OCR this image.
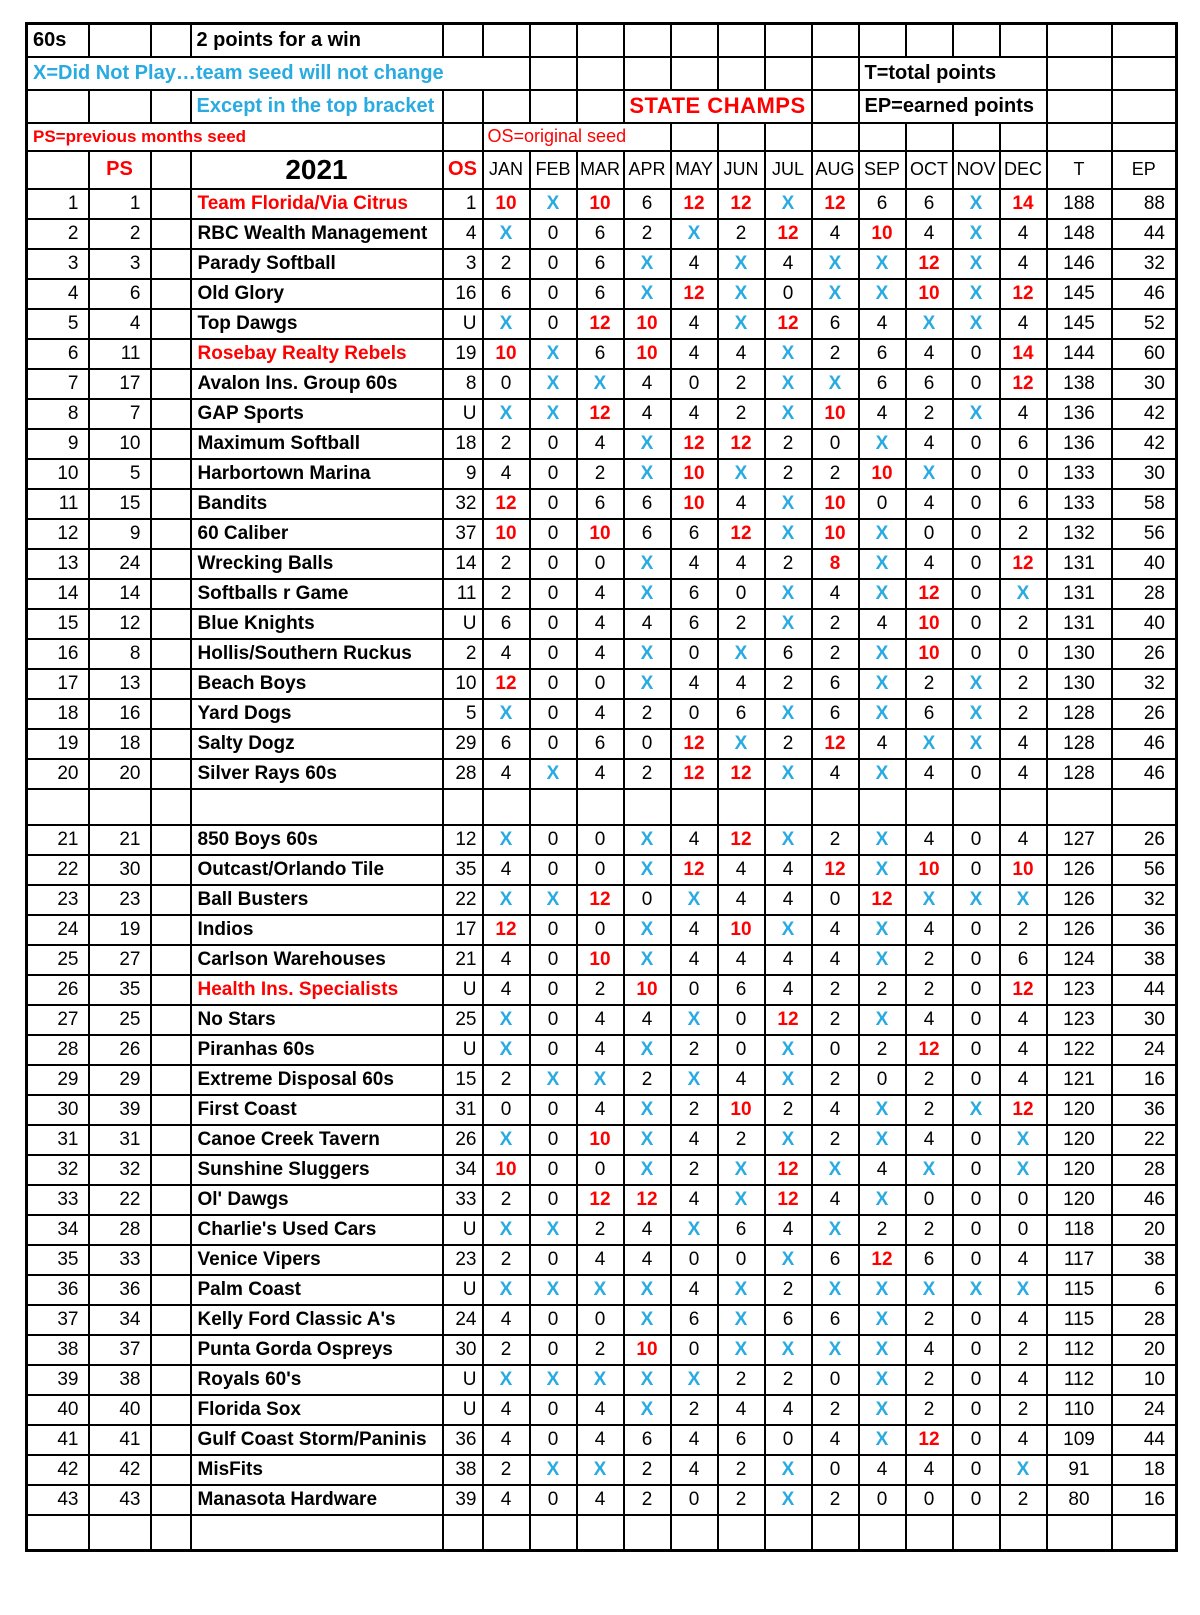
60s			2 points for a win															
X=Did Not Play…team seed will not change													T=total points					
			Except in the top bracket					STATE CHAMPS					EP=earned points					
PS=previous months seed					OS=original seed													
	PS		2021	OS	JAN	FEB	MAR	APR	MAY	JUN	JUL	AUG	SEP	OCT	NOV	DEC	T	EP
1	1		Team Florida/Via Citrus	1	10	X	10	6	12	12	X	12	6	6	X	14	188	88
2	2		RBC Wealth Management	4	X	0	6	2	X	2	12	4	10	4	X	4	148	44
3	3		Parady Softball	3	2	0	6	X	4	X	4	X	X	12	X	4	146	32
4	6		Old Glory	16	6	0	6	X	12	X	0	X	X	10	X	12	145	46
5	4		Top Dawgs	U	X	0	12	10	4	X	12	6	4	X	X	4	145	52
6	11		Rosebay Realty Rebels	19	10	X	6	10	4	4	X	2	6	4	0	14	144	60
7	17		Avalon Ins. Group 60s	8	0	X	X	4	0	2	X	X	6	6	0	12	138	30
8	7		GAP Sports	U	X	X	12	4	4	2	X	10	4	2	X	4	136	42
9	10		Maximum Softball	18	2	0	4	X	12	12	2	0	X	4	0	6	136	42
10	5		Harbortown Marina	9	4	0	2	X	10	X	2	2	10	X	0	0	133	30
11	15		Bandits	32	12	0	6	6	10	4	X	10	0	4	0	6	133	58
12	9		60 Caliber	37	10	0	10	6	6	12	X	10	X	0	0	2	132	56
13	24		Wrecking Balls	14	2	0	0	X	4	4	2	8	X	4	0	12	131	40
14	14		Softballs r Game	11	2	0	4	X	6	0	X	4	X	12	0	X	131	28
15	12		Blue Knights	U	6	0	4	4	6	2	X	2	4	10	0	2	131	40
16	8		Hollis/Southern Ruckus	2	4	0	4	X	0	X	6	2	X	10	0	0	130	26
17	13		Beach Boys	10	12	0	0	X	4	4	2	6	X	2	X	2	130	32
18	16		Yard Dogs	5	X	0	4	2	0	6	X	6	X	6	X	2	128	26
19	18		Salty Dogz	29	6	0	6	0	12	X	2	12	4	X	X	4	128	46
20	20		Silver Rays 60s	28	4	X	4	2	12	12	X	4	X	4	0	4	128	46

21	21		850 Boys 60s	12	X	0	0	X	4	12	X	2	X	4	0	4	127	26
22	30		Outcast/Orlando Tile	35	4	0	0	X	12	4	4	12	X	10	0	10	126	56
23	23		Ball Busters	22	X	X	12	0	X	4	4	0	12	X	X	X	126	32
24	19		Indios	17	12	0	0	X	4	10	X	4	X	4	0	2	126	36
25	27		Carlson Warehouses	21	4	0	10	X	4	4	4	4	X	2	0	6	124	38
26	35		Health Ins. Specialists	U	4	0	2	10	0	6	4	2	2	2	0	12	123	44
27	25		No Stars	25	X	0	4	4	X	0	12	2	X	4	0	4	123	30
28	26		Piranhas 60s	U	X	0	4	X	2	0	X	0	2	12	0	4	122	24
29	29		Extreme Disposal 60s	15	2	X	X	2	X	4	X	2	0	2	0	4	121	16
30	39		First Coast	31	0	0	4	X	2	10	2	4	X	2	X	12	120	36
31	31		Canoe Creek Tavern	26	X	0	10	X	4	2	X	2	X	4	0	X	120	22
32	32		Sunshine Sluggers	34	10	0	0	X	2	X	12	X	4	X	0	X	120	28
33	22		Ol' Dawgs	33	2	0	12	12	4	X	12	4	X	0	0	0	120	46
34	28		Charlie's Used Cars	U	X	X	2	4	X	6	4	X	2	2	0	0	118	20
35	33		Venice Vipers	23	2	0	4	4	0	0	X	6	12	6	0	4	117	38
36	36		Palm Coast	U	X	X	X	X	4	X	2	X	X	X	X	X	115	6
37	34		Kelly Ford Classic A's	24	4	0	0	X	6	X	6	6	X	2	0	4	115	28
38	37		Punta Gorda Ospreys	30	2	0	2	10	0	X	X	X	X	4	0	2	112	20
39	38		Royals 60's	U	X	X	X	X	X	2	2	0	X	2	0	4	112	10
40	40		Florida Sox	U	4	0	4	X	2	4	4	2	X	2	0	2	110	24
41	41		Gulf Coast Storm/Paninis	36	4	0	4	6	4	6	0	4	X	12	0	4	109	44
42	42		MisFits	38	2	X	X	2	4	2	X	0	4	4	0	X	91	18
43	43		Manasota Hardware	39	4	0	4	2	0	2	X	2	0	0	0	2	80	16
